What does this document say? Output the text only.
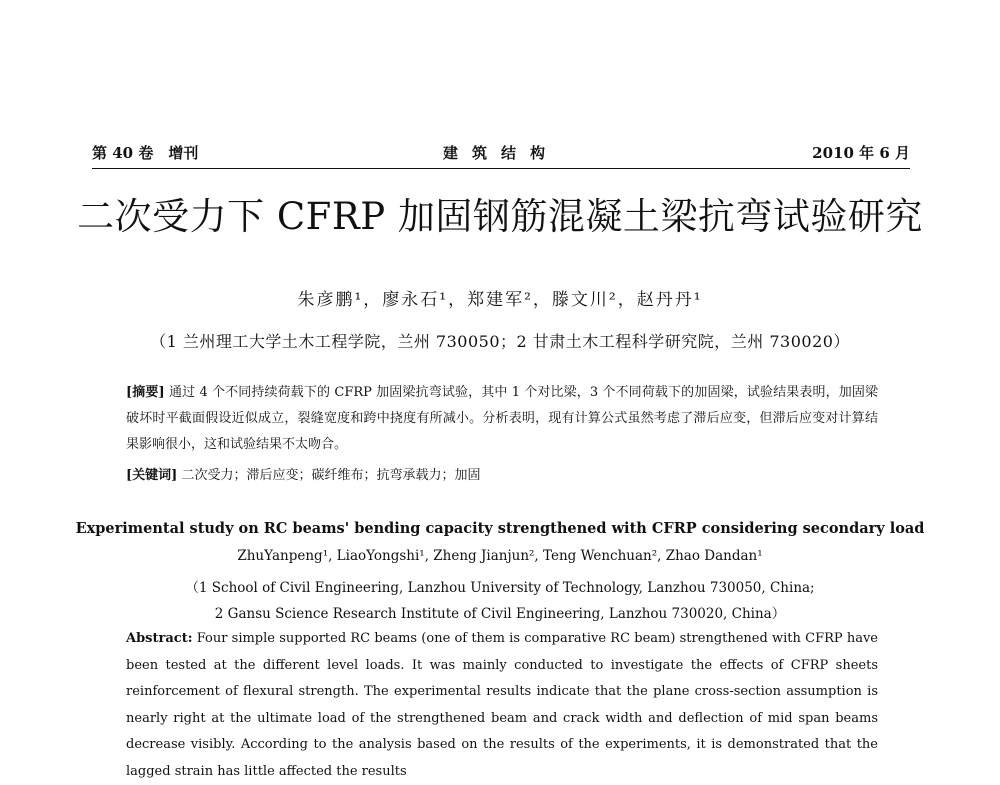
第 40 卷　增刊	建筑结构	2010 年 6 月
二次受力下 CFRP 加固钢筋混凝土梁抗弯试验研究
朱彦鹏¹，廖永石¹，郑建军²，滕文川²，赵丹丹¹
（1 兰州理工大学土木工程学院，兰州 730050；2 甘肃土木工程科学研究院，兰州 730020）

[摘要] 通过 4 个不同持续荷载下的 CFRP 加固梁抗弯试验，其中 1 个对比梁，3 个不同荷载下的加固梁，试验结果表明，加固梁破坏时平截面假设近似成立，裂缝宽度和跨中挠度有所减小。分析表明，现有计算公式虽然考虑了滞后应变，但滞后应变对计算结果影响很小，这和试验结果不太吻合。

[关键词] 二次受力；滞后应变；碳纤维布；抗弯承载力；加固
Experimental study on RC beams' bending capacity strengthened with CFRP considering secondary load
ZhuYanpeng¹, LiaoYongshi¹, Zheng Jianjun², Teng Wenchuan², Zhao Dandan¹
（1 School of Civil Engineering, Lanzhou University of Technology, Lanzhou 730050, China;
2 Gansu Science Research Institute of Civil Engineering, Lanzhou 730020, China）

Abstract: Four simple supported RC beams (one of them is comparative RC beam) strengthened with CFRP have been tested at the different level loads. It was mainly conducted to investigate the effects of CFRP sheets reinforcement of flexural strength. The experimental results indicate that the plane cross-section assumption is nearly right at the ultimate load of the strengthened beam and crack width and deflection of mid span beams decrease visibly. According to the analysis based on the results of the experiments, it is demonstrated that the lagged strain has little affected the results
